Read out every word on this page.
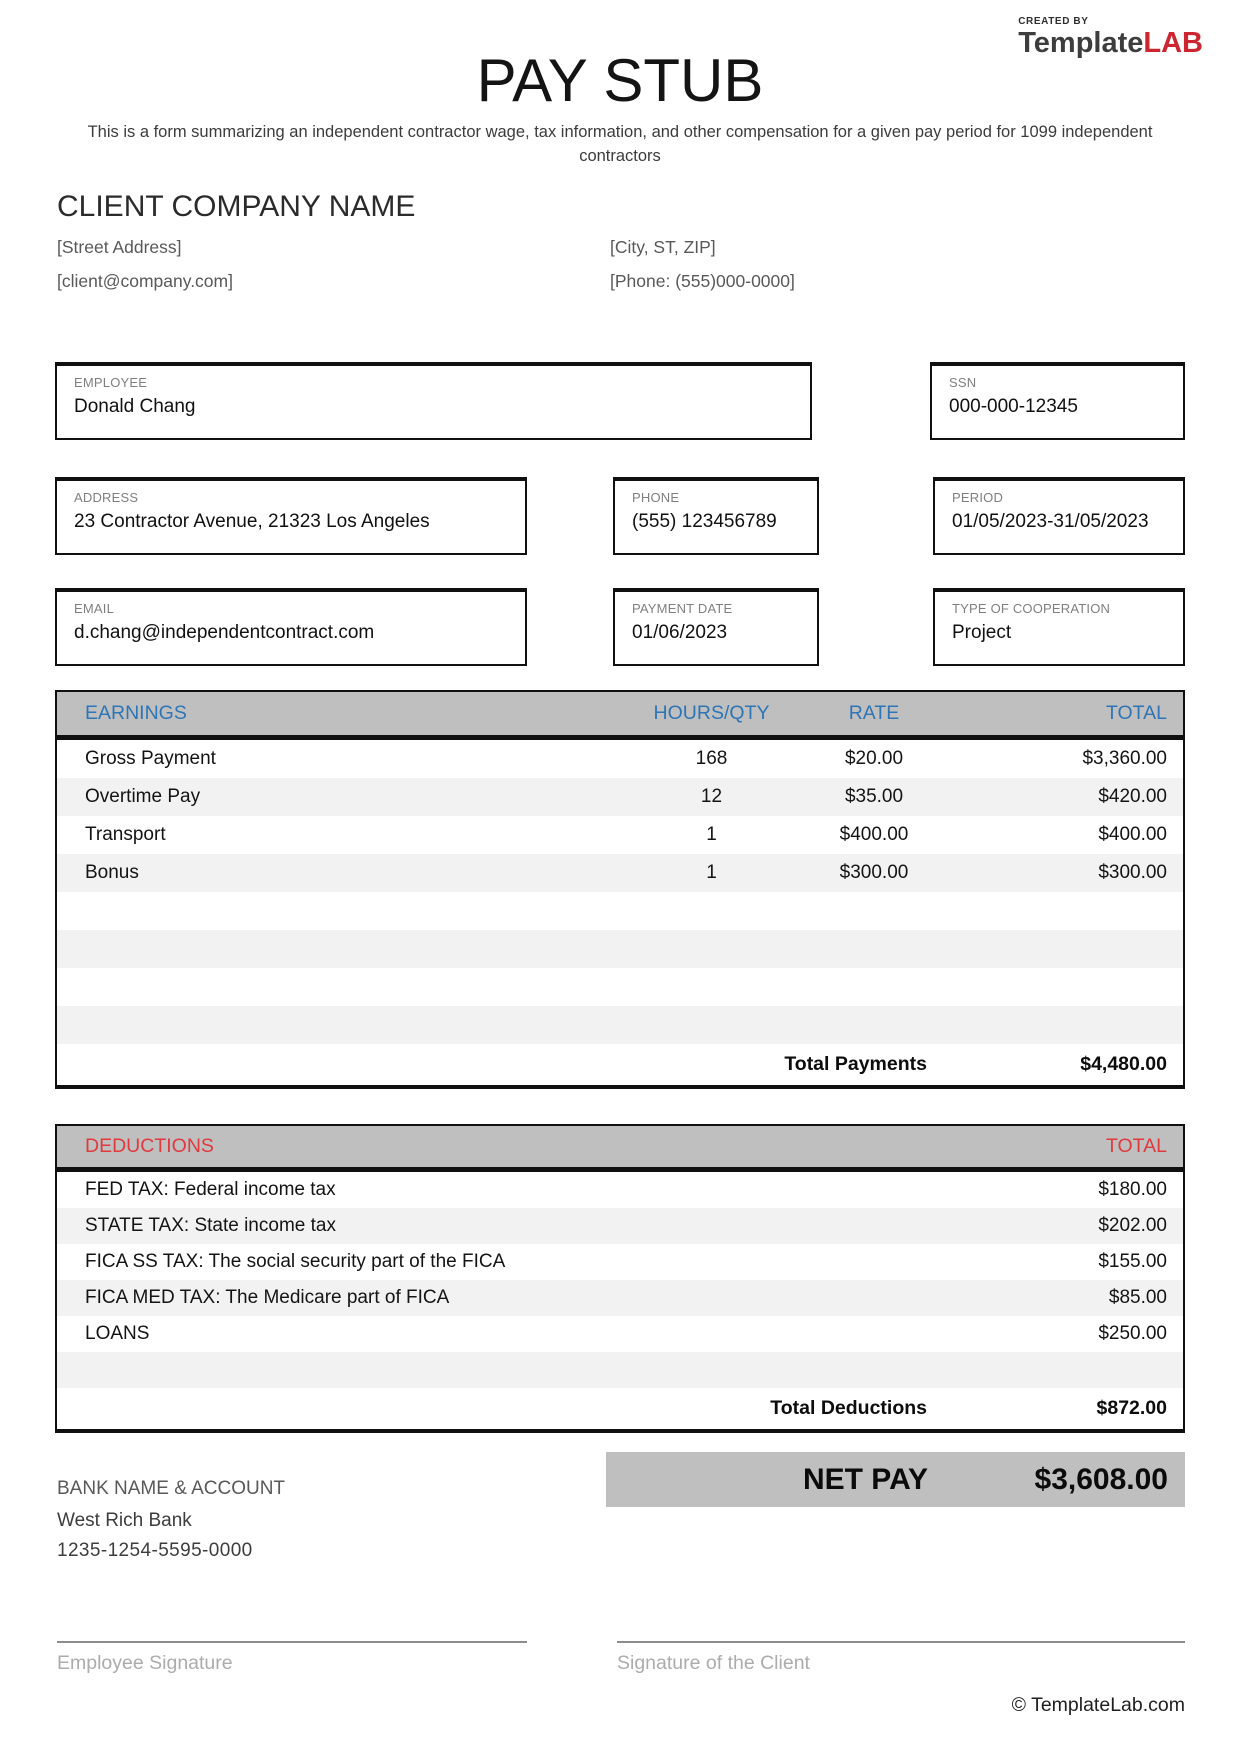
CREATED BY
TemplateLAB
PAY STUB
This is a form summarizing an independent contractor wage, tax information, and other compensation for a given pay period for 1099 independent contractors
CLIENT COMPANY NAME
[Street Address]	[City, ST, ZIP]
[client@company.com]	[Phone: (555)000-0000]
EMPLOYEE
Donald Chang
SSN
000-000-12345
ADDRESS
23 Contractor Avenue, 21323 Los Angeles
PHONE
(555) 123456789
PERIOD
01/05/2023-31/05/2023
EMAIL
d.chang@independentcontract.com
PAYMENT DATE
01/06/2023
TYPE OF COOPERATION
Project
EARNINGS	HOURS/QTY	RATE	TOTAL
Gross Payment	168	$20.00	$3,360.00
Overtime Pay	12	$35.00	$420.00
Transport	1	$400.00	$400.00
Bonus	1	$300.00	$300.00
Total Payments	$4,480.00
DEDUCTIONS	TOTAL
FED TAX: Federal income tax	$180.00
STATE TAX: State income tax	$202.00
FICA SS TAX: The social security part of the FICA	$155.00
FICA MED TAX: The Medicare part of FICA	$85.00
LOANS	$250.00
Total Deductions	$872.00
NET PAY	$3,608.00
BANK NAME & ACCOUNT
West Rich Bank
1235-1254-5595-0000
Employee Signature	Signature of the Client
© TemplateLab.com
